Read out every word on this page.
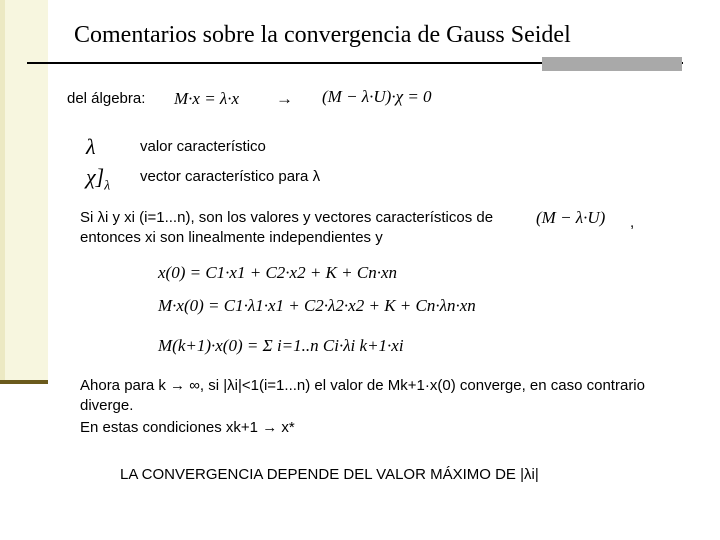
Comentarios sobre la convergencia de Gauss Seidel
del álgebra: M·x = λ·x → (M − λ·U)·χ = 0
λ	valor característico
$\chi]_\lambda$ vector característico para λ
Si λi y xi (i=1...n), son los valores y vectores característicos de
entonces xi son linealmente independientes y
(M − λ·U) ,
x(0) = C1·x1 + C2·x2 + K + Cn·xn
M·x(0) = C1·λ1·x1 + C2·λ2·x2 + K + Cn·λn·xn
M(k+1)·x(0) = Σ i=1..n Ci·λi k+1·xi
Ahora para k → ∞, si |λi|<1(i=1...n) el valor de Mk+1·x(0) converge, en caso contrario
diverge.
En estas condiciones xk+1 → x*
LA CONVERGENCIA DEPENDE DEL VALOR MÁXIMO DE |λi|
